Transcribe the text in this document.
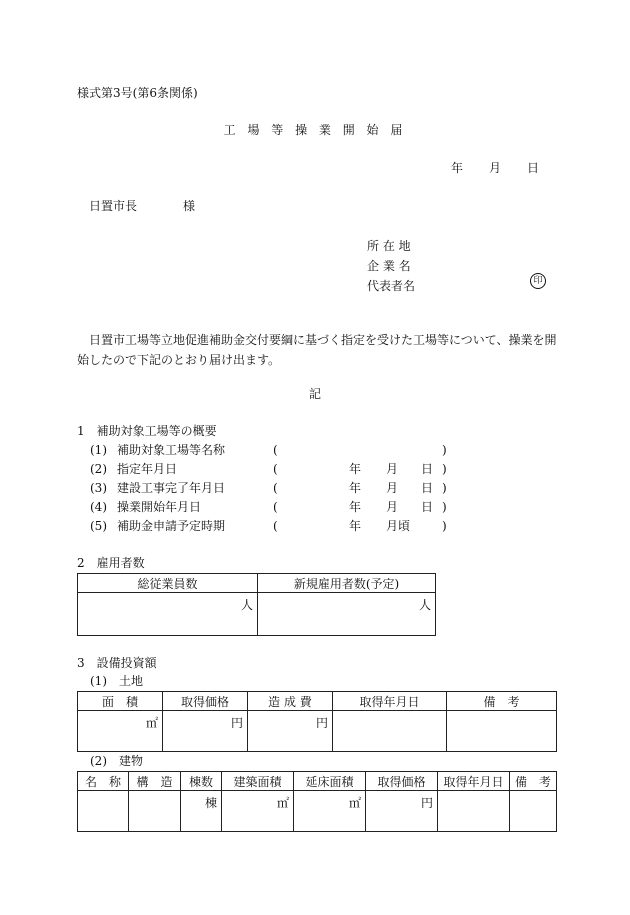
様式第3号(第6条関係)
工 場 等 操 業 開 始 届
年 月 日
日置市長	様
所 在 地
企 業 名
代表者名	印
日置市工場等立地促進補助金交付要綱に基づく指定を受けた工場等について、操業を開始したので下記のとおり届け出ます。
記
1　補助対象工場等の概要
(1) 補助対象工場等名称	(	)
(2) 指定年月日	(	年 月 日 )
(3) 建設工事完了年月日	(	年 月 日 )
(4) 操業開始年月日	(	年 月 日 )
(5) 補助金申請予定時期	(	年 月頃	)
2　雇用者数
総従業員数	新規雇用者数(予定)
人	人
3　設備投資額
(1)　土地
面　積	取得価格	造 成 費	取得年月日	備　考
㎡	円	円		
(2)　建物
名　称	構　造	棟数	建築面積	延床面積	取得価格	取得年月日	備　考
		棟	㎡	㎡	円		
